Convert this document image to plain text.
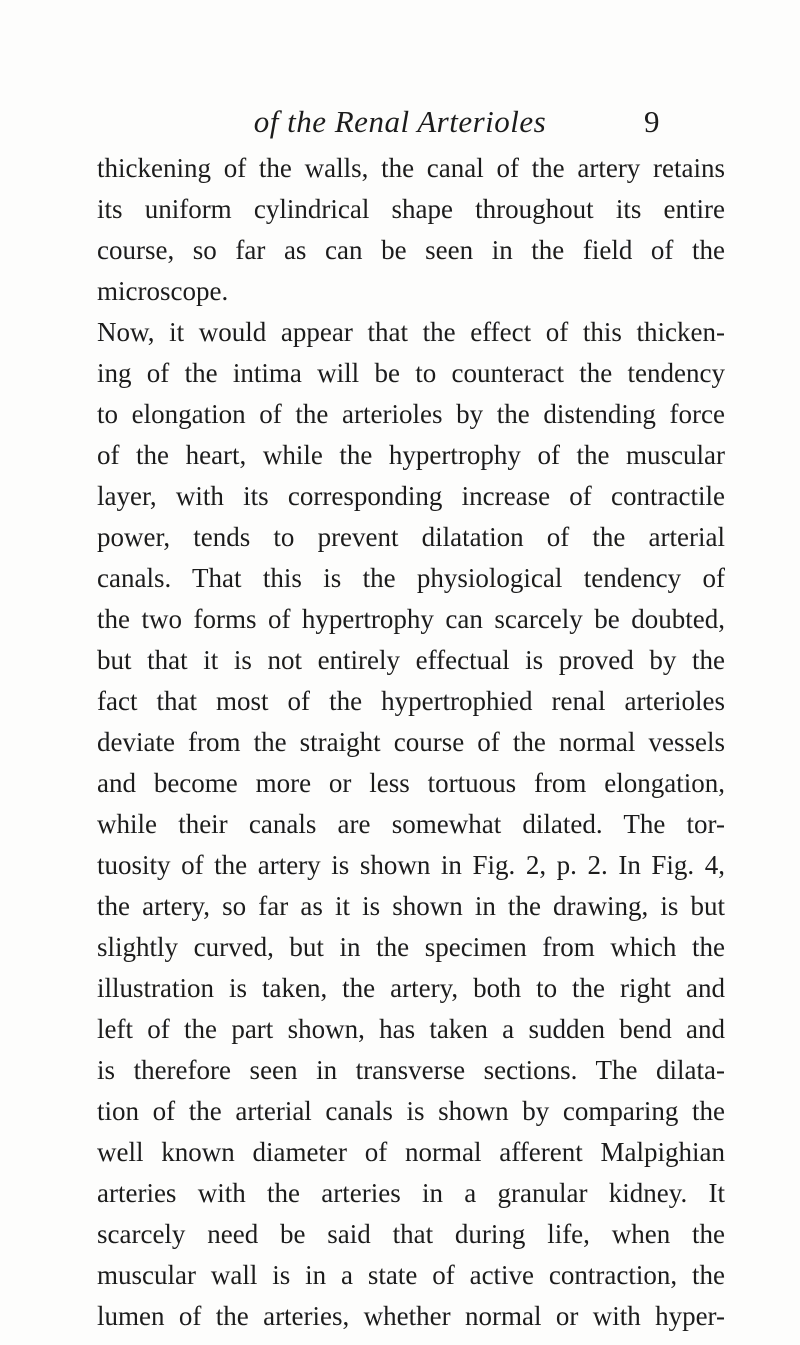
of the Renal Arterioles	9
thickening of the walls, the canal of the artery retains
its uniform cylindrical shape throughout its entire
course, so far as can be seen in the field of the
microscope.
Now, it would appear that the effect of this thicken-
ing of the intima will be to counteract the tendency
to elongation of the arterioles by the distending force
of the heart, while the hypertrophy of the muscular
layer, with its corresponding increase of contractile
power, tends to prevent dilatation of the arterial
canals. That this is the physiological tendency of
the two forms of hypertrophy can scarcely be doubted,
but that it is not entirely effectual is proved by the
fact that most of the hypertrophied renal arterioles
deviate from the straight course of the normal vessels
and become more or less tortuous from elongation,
while their canals are somewhat dilated. The tor-
tuosity of the artery is shown in Fig. 2, p. 2. In Fig. 4,
the artery, so far as it is shown in the drawing, is but
slightly curved, but in the specimen from which the
illustration is taken, the artery, both to the right and
left of the part shown, has taken a sudden bend and
is therefore seen in transverse sections. The dilata-
tion of the arterial canals is shown by comparing the
well known diameter of normal afferent Malpighian
arteries with the arteries in a granular kidney. It
scarcely need be said that during life, when the
muscular wall is in a state of active contraction, the
lumen of the arteries, whether normal or with hyper-
